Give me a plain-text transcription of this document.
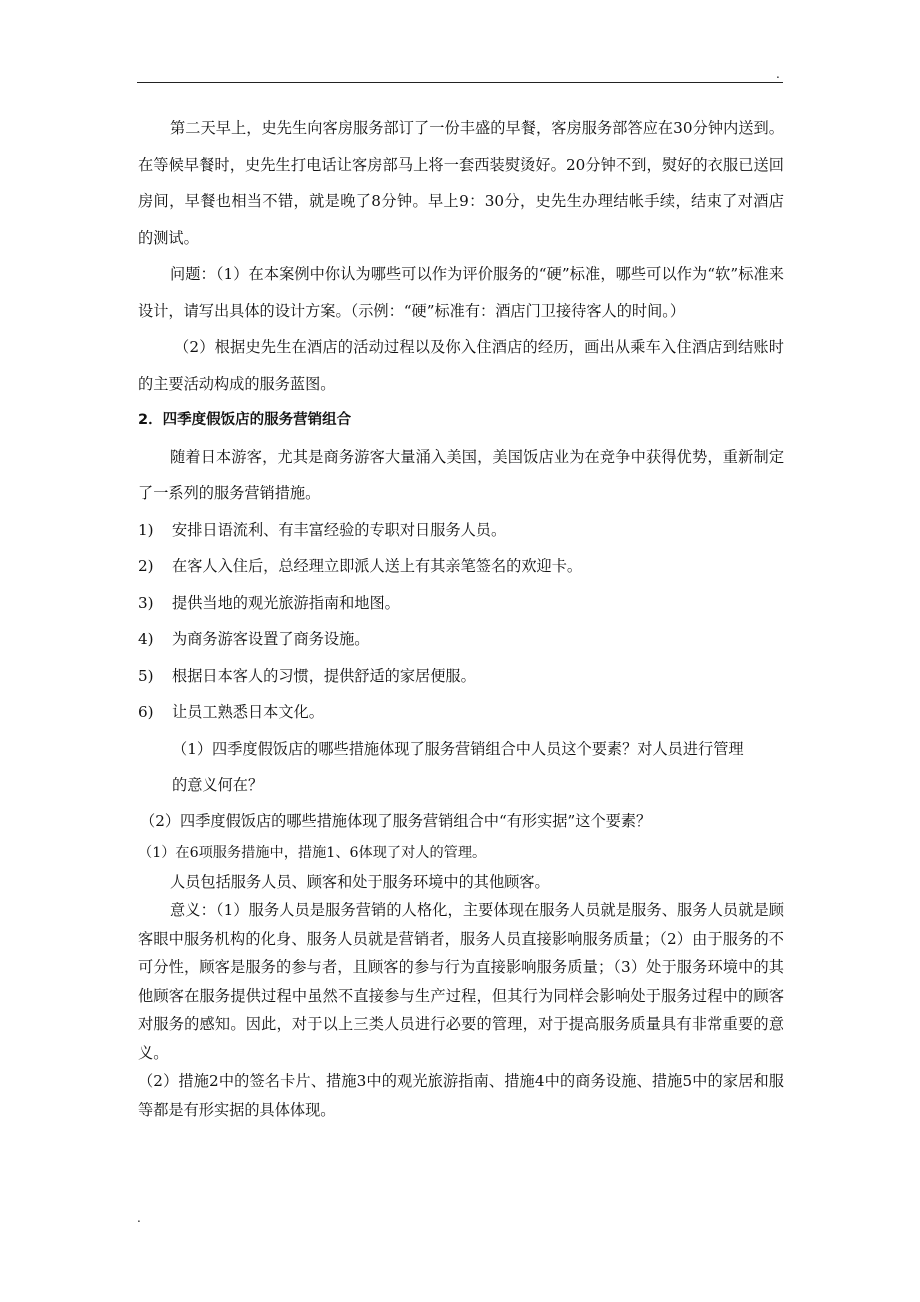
.

第二天早上，史先生向客房服务部订了一份丰盛的早餐，客房服务部答应在30分钟内送到。在等候早餐时，史先生打电话让客房部马上将一套西装熨烫好。20分钟不到，熨好的衣服已送回房间，早餐也相当不错，就是晚了8分钟。早上9：30分，史先生办理结帐手续，结束了对酒店的测试。

问题：（1）在本案例中你认为哪些可以作为评价服务的“硬”标准，哪些可以作为“软”标准来设计，请写出具体的设计方案。（示例：“硬”标准有：酒店门卫接待客人的时间。）

（2）根据史先生在酒店的活动过程以及你入住酒店的经历，画出从乘车入住酒店到结账时的主要活动构成的服务蓝图。

2．四季度假饭店的服务营销组合

随着日本游客，尤其是商务游客大量涌入美国，美国饭店业为在竞争中获得优势，重新制定了一系列的服务营销措施。

1)	安排日语流利、有丰富经验的专职对日服务人员。
2)	在客人入住后，总经理立即派人送上有其亲笔签名的欢迎卡。
3)	提供当地的观光旅游指南和地图。
4)	为商务游客设置了商务设施。
5)	根据日本客人的习惯，提供舒适的家居便服。
6)	让员工熟悉日本文化。

（1）四季度假饭店的哪些措施体现了服务营销组合中人员这个要素？对人员进行管理

的意义何在？

（2）四季度假饭店的哪些措施体现了服务营销组合中“有形实据”这个要素？

（1）在6项服务措施中，措施1、6体现了对人的管理。

人员包括服务人员、顾客和处于服务环境中的其他顾客。

意义：（1）服务人员是服务营销的人格化，主要体现在服务人员就是服务、服务人员就是顾客眼中服务机构的化身、服务人员就是营销者，服务人员直接影响服务质量；（2）由于服务的不可分性，顾客是服务的参与者，且顾客的参与行为直接影响服务质量；（3）处于服务环境中的其他顾客在服务提供过程中虽然不直接参与生产过程，但其行为同样会影响处于服务过程中的顾客对服务的感知。因此，对于以上三类人员进行必要的管理，对于提高服务质量具有非常重要的意义。

（2）措施2中的签名卡片、措施3中的观光旅游指南、措施4中的商务设施、措施5中的家居和服等都是有形实据的具体体现。

.
